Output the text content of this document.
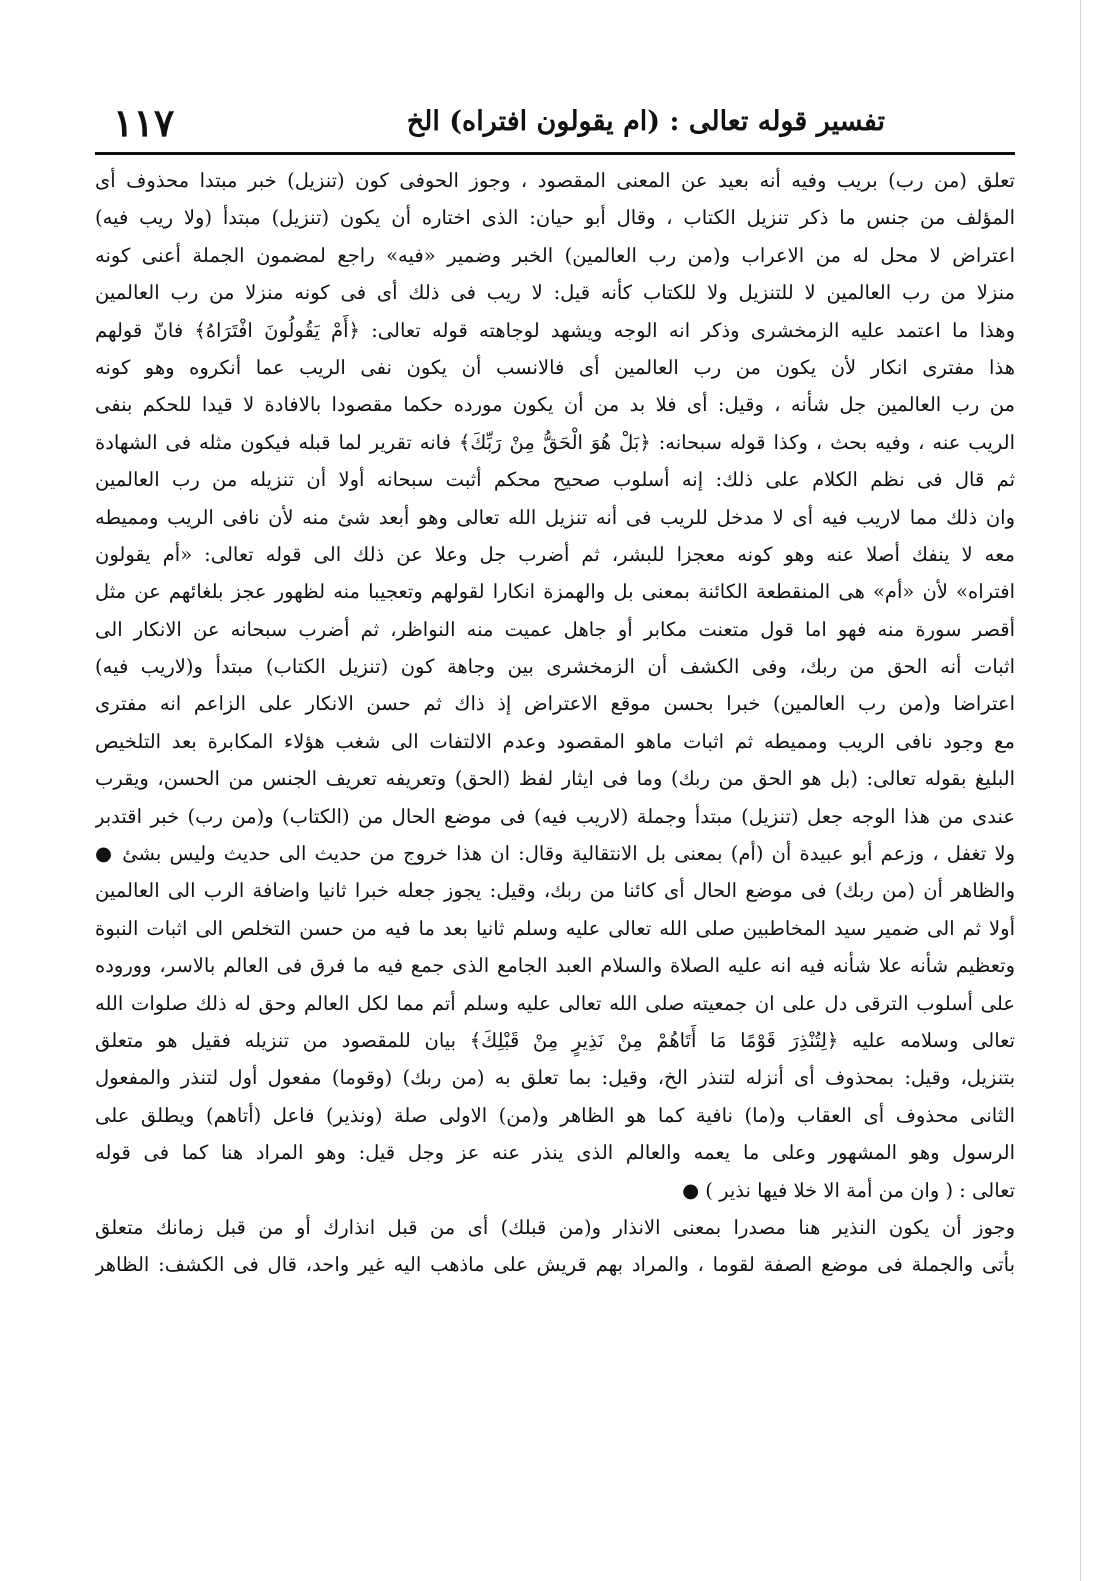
تفسير قوله تعالى : (ام يقولون افتراه) الخ
١١٧
تعلق (من رب) بريب وفيه أنه بعيد عن المعنى المقصود ، وجوز الحوفى كون (تنزيل) خبر مبتدا محذوف أى
المؤلف من جنس ما ذكر تنزيل الكتاب ، وقال أبو حيان: الذى اختاره أن يكون (تنزيل) مبتدأ (ولا ريب فيه)
اعتراض لا محل له من الاعراب و(من رب العالمين) الخبر وضمير «فيه» راجع لمضمون الجملة أعنى كونه
منزلا من رب العالمين لا للتنزيل ولا للكتاب كأنه قيل: لا ريب فى ذلك أى فى كونه منزلا من رب العالمين
وهذا ما اعتمد عليه الزمخشرى وذكر انه الوجه ويشهد لوجاهته قوله تعالى: ﴿أَمْ يَقُولُونَ افْتَرَاهُ﴾ فانّ قولهم
هذا مفترى انكار لأن يكون من رب العالمين أى فالانسب أن يكون نفى الريب عما أنكروه وهو كونه
من رب العالمين جل شأنه ، وقيل: أى فلا بد من أن يكون مورده حكما مقصودا بالافادة لا قيدا للحكم بنفى
الريب عنه ، وفيه بحث ، وكذا قوله سبحانه: ﴿بَلْ هُوَ الْحَقُّ مِنْ رَبِّكَ﴾ فانه تقرير لما قبله فيكون مثله فى الشهادة
ثم قال فى نظم الكلام على ذلك: إنه أسلوب صحيح محكم أثبت سبحانه أولا أن تنزيله من رب العالمين
وان ذلك مما لاريب فيه أى لا مدخل للريب فى أنه تنزيل الله تعالى وهو أبعد شئ منه لأن نافى الريب ومميطه
معه لا ينفك أصلا عنه وهو كونه معجزا للبشر، ثم أضرب جل وعلا عن ذلك الى قوله تعالى: «أم يقولون
افتراه» لأن «أم» هى المنقطعة الكائنة بمعنى بل والهمزة انكارا لقولهم وتعجيبا منه لظهور عجز بلغائهم عن مثل
أقصر سورة منه فهو اما قول متعنت مكابر أو جاهل عميت منه النواظر، ثم أضرب سبحانه عن الانكار الى
اثبات أنه الحق من ربك، وفى الكشف أن الزمخشرى بين وجاهة كون (تنزيل الكتاب) مبتدأ و(لاريب فيه)
اعتراضا و(من رب العالمين) خبرا بحسن موقع الاعتراض إذ ذاك ثم حسن الانكار على الزاعم انه مفترى
مع وجود نافى الريب ومميطه ثم اثبات ماهو المقصود وعدم الالتفات الى شغب هؤلاء المكابرة بعد التلخيص
البليغ بقوله تعالى: (بل هو الحق من ربك) وما فى ايثار لفظ (الحق) وتعريفه تعريف الجنس من الحسن، ويقرب
عندى من هذا الوجه جعل (تنزيل) مبتدأ وجملة (لاريب فيه) فى موضع الحال من (الكتاب) و(من رب) خبر اقتدبر
ولا تغفل ، وزعم أبو عبيدة أن (أم) بمعنى بل الانتقالية وقال: ان هذا خروج من حديث الى حديث وليس بشئ ●
والظاهر أن (من ربك) فى موضع الحال أى كائنا من ربك، وقيل: يجوز جعله خبرا ثانيا واضافة الرب الى العالمين
أولا ثم الى ضمير سيد المخاطبين صلى الله تعالى عليه وسلم ثانيا بعد ما فيه من حسن التخلص الى اثبات النبوة
وتعظيم شأنه علا شأنه فيه انه عليه الصلاة والسلام العبد الجامع الذى جمع فيه ما فرق فى العالم بالاسر، ووروده
على أسلوب الترقى دل على ان جمعيته صلى الله تعالى عليه وسلم أتم مما لكل العالم وحق له ذلك صلوات الله
تعالى وسلامه عليه ﴿لِتُنْذِرَ قَوْمًا مَا أَتَاهُمْ مِنْ نَذِيرٍ مِنْ قَبْلِكَ﴾ بيان للمقصود من تنزيله فقيل هو متعلق
بتنزيل، وقيل: بمحذوف أى أنزله لتنذر الخ، وقيل: بما تعلق به (من ربك) (وقوما) مفعول أول لتنذر والمفعول
الثانى محذوف أى العقاب و(ما) نافية كما هو الظاهر و(من) الاولى صلة (ونذير) فاعل (أتاهم) ويطلق على
الرسول وهو المشهور وعلى ما يعمه والعالم الذى ينذر عنه عز وجل قيل: وهو المراد هنا كما فى قوله
تعالى : ( وان من أمة الا خلا فيها نذير ) ●
وجوز أن يكون النذير هنا مصدرا بمعنى الانذار و(من قبلك) أى من قبل انذارك أو من قبل زمانك متعلق
بأتى والجملة فى موضع الصفة لقوما ، والمراد بهم قريش على ماذهب اليه غير واحد، قال فى الكشف: الظاهر
